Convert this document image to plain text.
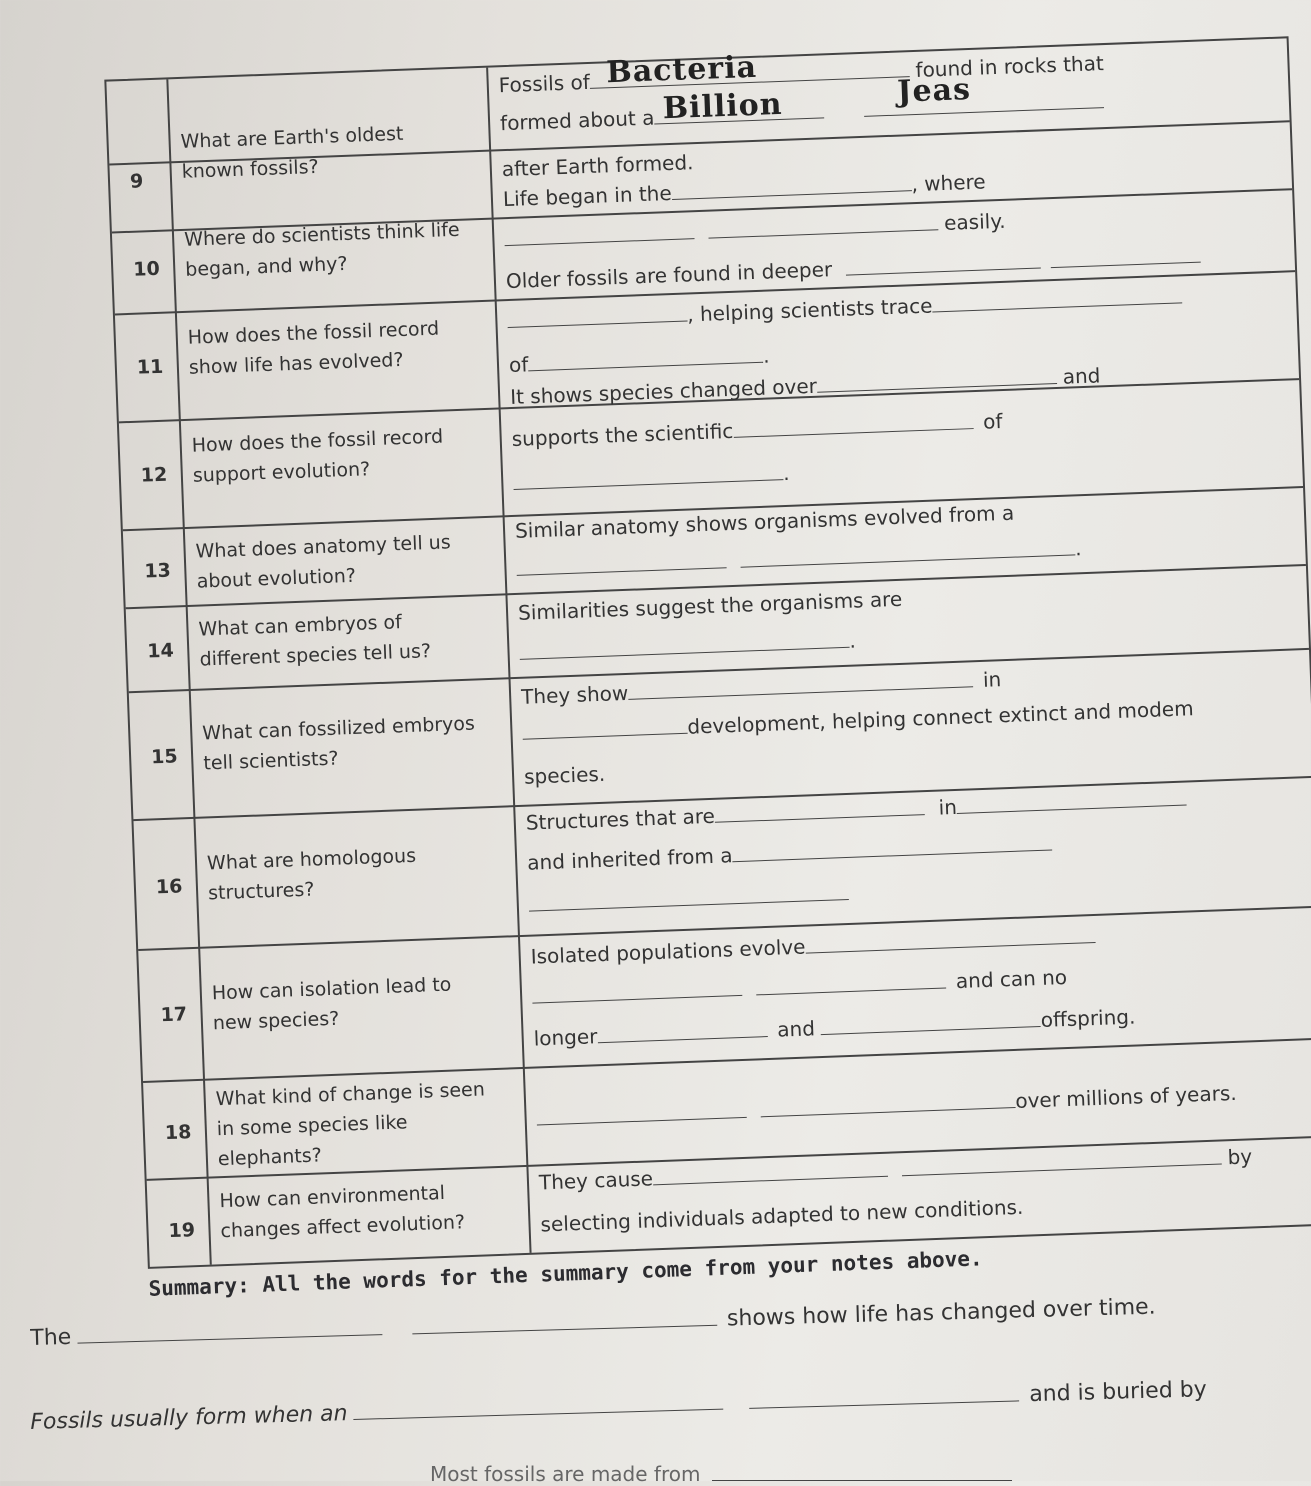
9
What are Earth's oldest known fossils?
Fossils offound in rocks that
Bacteria
formed about a Billion	Jeas
after Earth formed.
10
Where do scientists think life began, and why?
Life began in the	, where
easily.
11
How does the fossil record show life has evolved?
Older fossils are found in deeper
, helping scientists trace
of	.
12
How does the fossil record support evolution?
It shows species changed over	and
supports the scientific	of
.
13
What does anatomy tell us about evolution?
Similar anatomy shows organisms evolved from a
.
14
What can embryos of different species tell us?
Similarities suggest the organisms are
.
15
What can fossilized embryos tell scientists?
They showin
development, helping connect extinct and modem
species.
16
What are homologous structures?
Structures that are	in
and inherited from a
17
How can isolation lead to new species?
Isolated populations evolve
and can no
longer	and	offspring.
18
What kind of change is seen in some species like elephants?
over millions of years.
19
How can environmental changes affect evolution?
They causeby
selecting individuals adapted to new conditions.
Summary: All the words for the summary come from your notes above.
Theshows how life has changed over time.
Fossils usually form when anand is buried by
Most fossils are made from
